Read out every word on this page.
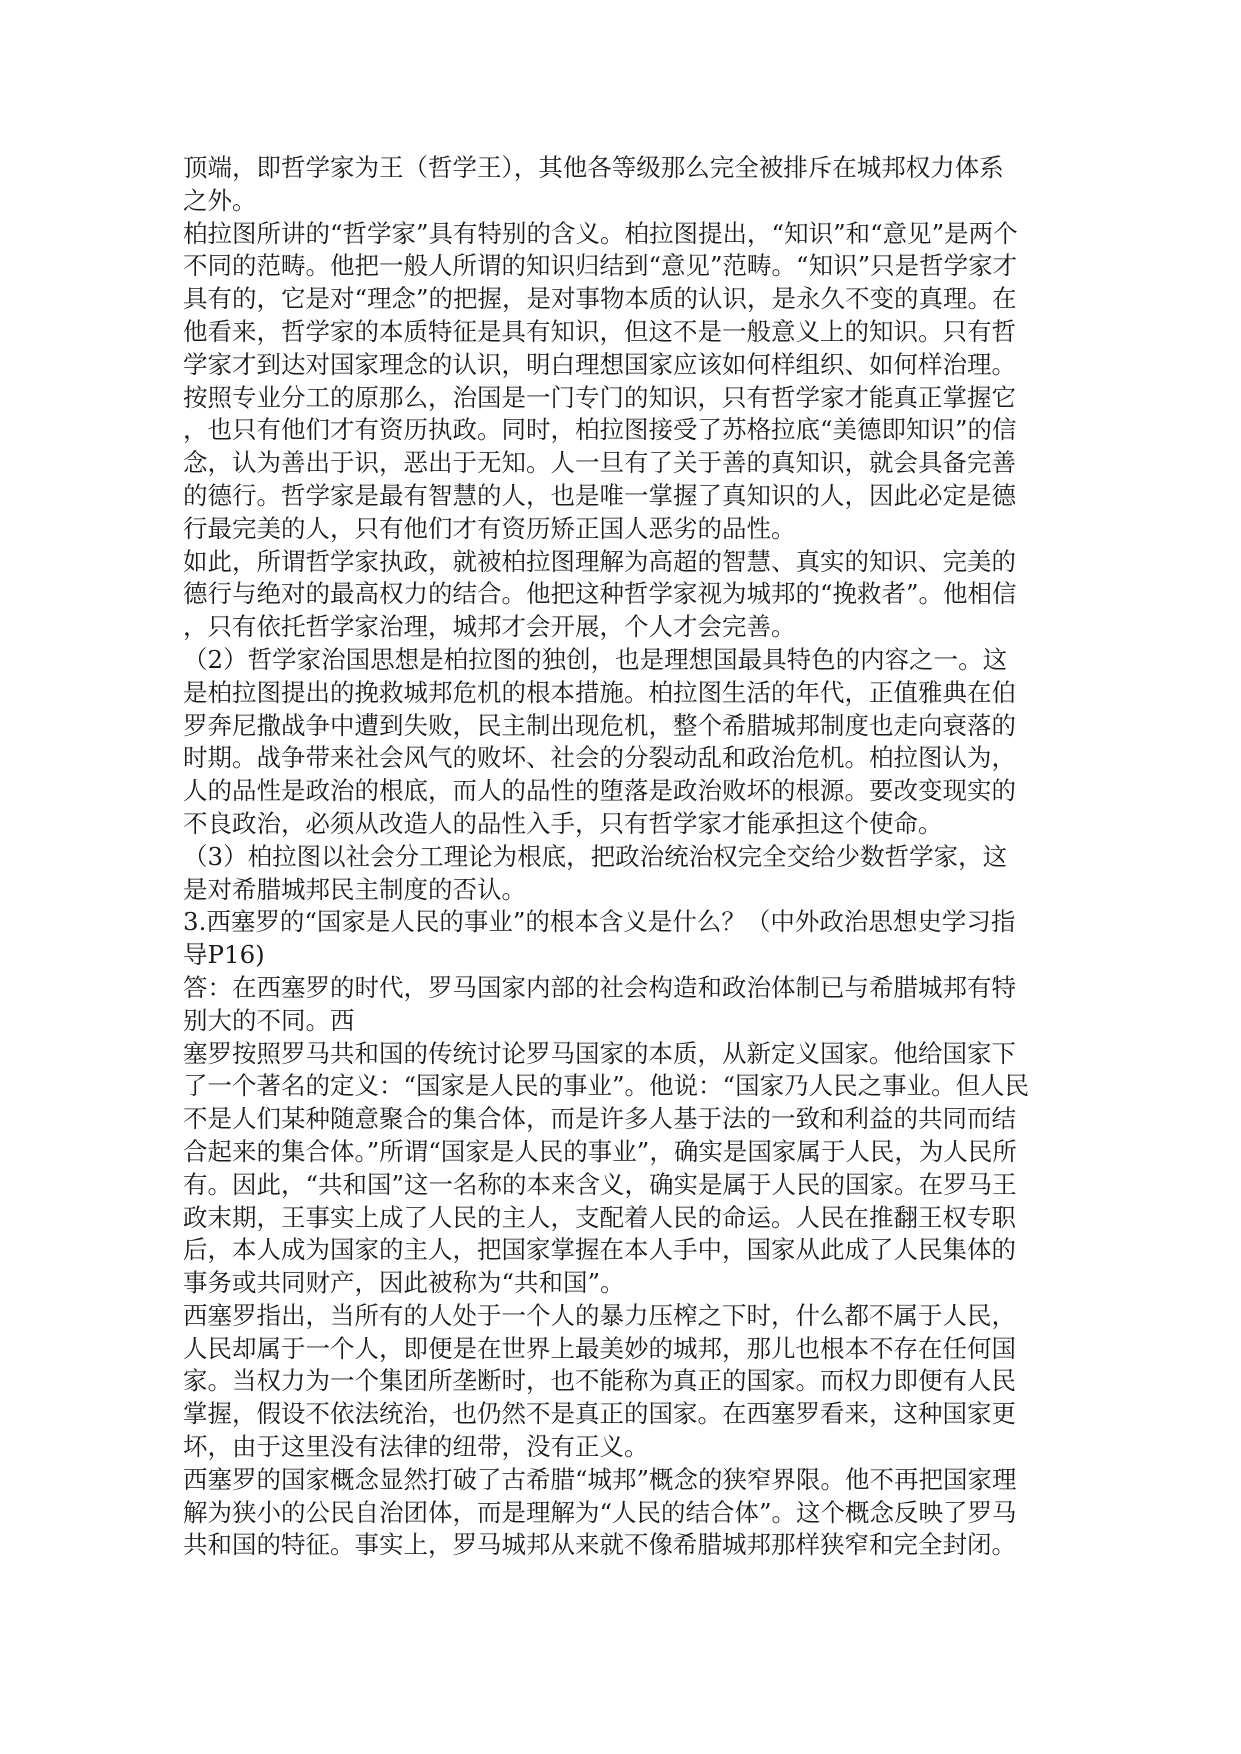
顶端，即哲学家为王（哲学王），其他各等级那么完全被排斥在城邦权力体系
之外。
柏拉图所讲的“哲学家”具有特别的含义。柏拉图提出，“知识”和“意见”是两个
不同的范畴。他把一般人所谓的知识归结到“意见”范畴。“知识”只是哲学家才
具有的，它是对“理念”的把握，是对事物本质的认识，是永久不变的真理。在
他看来，哲学家的本质特征是具有知识，但这不是一般意义上的知识。只有哲
学家才到达对国家理念的认识，明白理想国家应该如何样组织、如何样治理。
按照专业分工的原那么，治国是一门专门的知识，只有哲学家才能真正掌握它
，也只有他们才有资历执政。同时，柏拉图接受了苏格拉底“美德即知识”的信
念，认为善出于识，恶出于无知。人一旦有了关于善的真知识，就会具备完善
的德行。哲学家是最有智慧的人，也是唯一掌握了真知识的人，因此必定是德
行最完美的人，只有他们才有资历矫正国人恶劣的品性。
如此，所谓哲学家执政，就被柏拉图理解为高超的智慧、真实的知识、完美的
德行与绝对的最高权力的结合。他把这种哲学家视为城邦的“挽救者”。他相信
，只有依托哲学家治理，城邦才会开展，个人才会完善。
（2）哲学家治国思想是柏拉图的独创，也是理想国最具特色的内容之一。这
是柏拉图提出的挽救城邦危机的根本措施。柏拉图生活的年代，正值雅典在伯
罗奔尼撒战争中遭到失败，民主制出现危机，整个希腊城邦制度也走向衰落的
时期。战争带来社会风气的败坏、社会的分裂动乱和政治危机。柏拉图认为，
人的品性是政治的根底，而人的品性的堕落是政治败坏的根源。要改变现实的
不良政治，必须从改造人的品性入手，只有哲学家才能承担这个使命。
（3）柏拉图以社会分工理论为根底，把政治统治权完全交给少数哲学家，这
是对希腊城邦民主制度的否认。
3.西塞罗的“国家是人民的事业”的根本含义是什么？（中外政治思想史学习指
导P16)
答：在西塞罗的时代，罗马国家内部的社会构造和政治体制已与希腊城邦有特
别大的不同。西
塞罗按照罗马共和国的传统讨论罗马国家的本质，从新定义国家。他给国家下
了一个著名的定义：“国家是人民的事业”。他说：“国家乃人民之事业。但人民
不是人们某种随意聚合的集合体，而是许多人基于法的一致和利益的共同而结
合起来的集合体。”所谓“国家是人民的事业”，确实是国家属于人民，为人民所
有。因此，“共和国”这一名称的本来含义，确实是属于人民的国家。在罗马王
政末期，王事实上成了人民的主人，支配着人民的命运。人民在推翻王权专职
后，本人成为国家的主人，把国家掌握在本人手中，国家从此成了人民集体的
事务或共同财产，因此被称为“共和国”。
西塞罗指出，当所有的人处于一个人的暴力压榨之下时，什么都不属于人民，
人民却属于一个人，即便是在世界上最美妙的城邦，那儿也根本不存在任何国
家。当权力为一个集团所垄断时，也不能称为真正的国家。而权力即便有人民
掌握，假设不依法统治，也仍然不是真正的国家。在西塞罗看来，这种国家更
坏，由于这里没有法律的纽带，没有正义。
西塞罗的国家概念显然打破了古希腊“城邦”概念的狭窄界限。他不再把国家理
解为狭小的公民自治团体，而是理解为“人民的结合体”。这个概念反映了罗马
共和国的特征。事实上，罗马城邦从来就不像希腊城邦那样狭窄和完全封闭。
